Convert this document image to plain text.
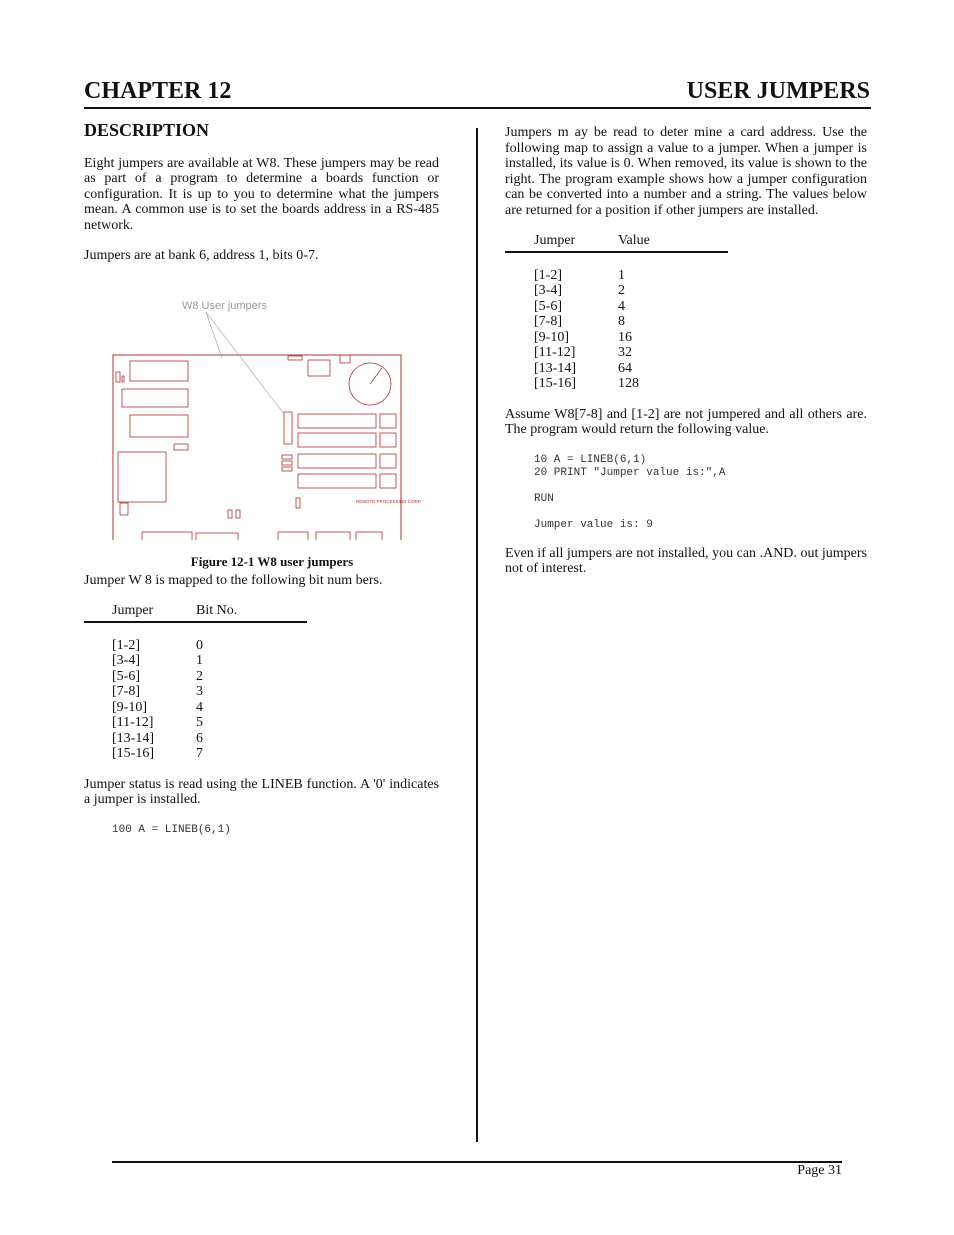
CHAPTER 12	USER JUMPERS
DESCRIPTION

Eight jumpers are available at W8. These jumpers may be read as part of a program to determine a boards function or configuration. It is up to you to determine what the jumpers mean. A common use is to set the boards address in a RS-485 network.

Jumpers are at bank 6, address 1, bits 0-7.

W8 User jumpers
REMOTE PROCESSING CORP.
Figure 12-1 W8 user jumpers

Jumper W 8 is mapped to the following bit num bers.

Jumper	Bit No.
[1-2]	0
[3-4]	1
[5-6]	2
[7-8]	3
[9-10]	4
[11-12]	5
[13-14]	6
[15-16]	7

Jumper status is read using the LINEB function. A '0' indicates a jumper is installed.

100 A = LINEB(6,1)

Jumpers m ay be read to deter mine a card address. Use the following map to assign a value to a jumper. When a jumper is installed, its value is 0. When removed, its value is shown to the right. The program example shows how a jumper configuration can be converted into a number and a string. The values below are returned for a position if other jumpers are installed.

Jumper	Value
[1-2]	1
[3-4]	2
[5-6]	4
[7-8]	8
[9-10]	16
[11-12]	32
[13-14]	64
[15-16]	128

Assume W8[7-8] and [1-2] are not jumpered and all others are. The program would return the following value.

10 A = LINEB(6,1)
20 PRINT "Jumper value is:",A
RUN
Jumper value is: 9

Even if all jumpers are not installed, you can .AND. out jumpers not of interest.

Page 31
